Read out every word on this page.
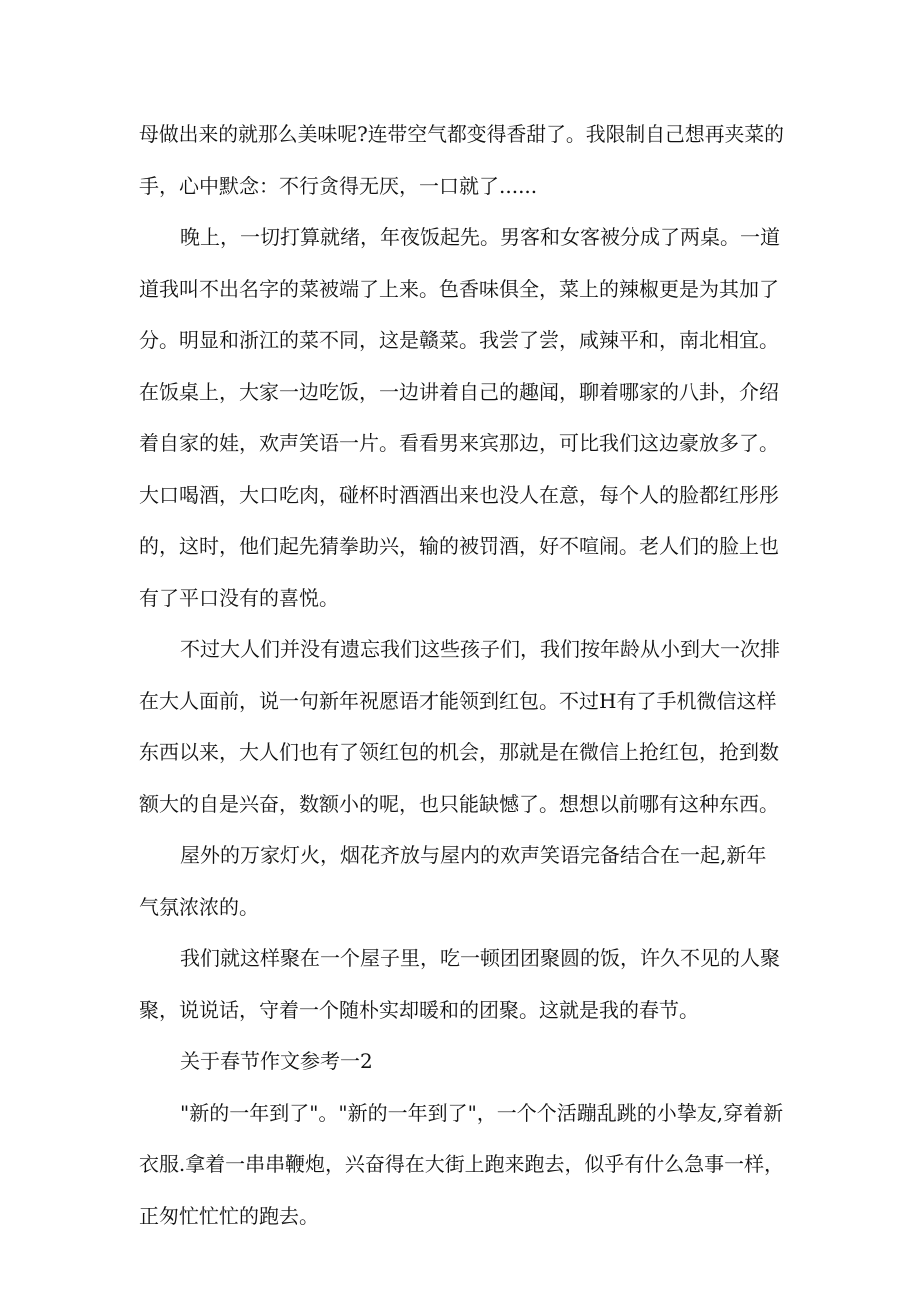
母做出来的就那么美味呢?连带空气都变得香甜了。我限制自己想再夹菜的
手，心中默念：不行贪得无厌，一口就了......
晚上，一切打算就绪，年夜饭起先。男客和女客被分成了两桌。一道
道我叫不出名字的菜被端了上来。色香味俱全，菜上的辣椒更是为其加了
分。明显和浙江的菜不同，这是赣菜。我尝了尝，咸辣平和，南北相宜。
在饭桌上，大家一边吃饭，一边讲着自己的趣闻，聊着哪家的八卦，介绍
着自家的娃，欢声笑语一片。看看男来宾那边，可比我们这边豪放多了。
大口喝酒，大口吃肉，碰杯时酒酒出来也没人在意，每个人的脸都红彤彤
的，这时，他们起先猜拳助兴，输的被罚酒，好不喧闹。老人们的脸上也
有了平口没有的喜悦。
不过大人们并没有遗忘我们这些孩子们，我们按年龄从小到大一次排
在大人面前，说一句新年祝愿语才能领到红包。不过H有了手机微信这样
东西以来，大人们也有了领红包的机会，那就是在微信上抢红包，抢到数
额大的自是兴奋，数额小的呢，也只能缺憾了。想想以前哪有这种东西。
屋外的万家灯火，烟花齐放与屋内的欢声笑语完备结合在一起,新年
气氛浓浓的。
我们就这样聚在一个屋子里，吃一顿团团聚圆的饭，许久不见的人聚
聚，说说话，守着一个随朴实却暖和的团聚。这就是我的春节。
关于春节作文参考一2
"新的一年到了"。"新的一年到了"，一个个活蹦乱跳的小挚友,穿着新
衣服.拿着一串串鞭炮，兴奋得在大街上跑来跑去，似乎有什么急事一样，
正匆忙忙忙的跑去。
